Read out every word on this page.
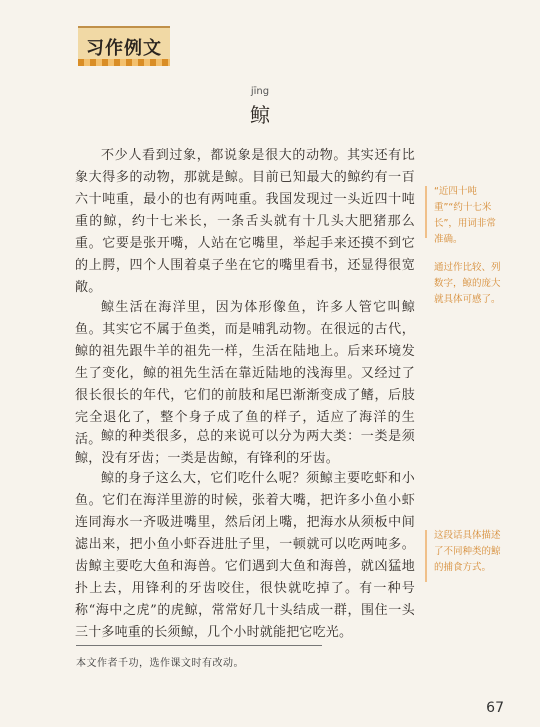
习作例文
jīng
鲸
不少人看到过象，都说象是很大的动物。其实还有比象大得多的动物，那就是鲸。目前已知最大的鲸约有一百六十吨重，最小的也有两吨重。我国发现过一头近四十吨重的鲸，约十七米长，一条舌头就有十几头大肥猪那么重。它要是张开嘴，人站在它嘴里，举起手来还摸不到它的上腭，四个人围着桌子坐在它的嘴里看书，还显得很宽敞。
鲸生活在海洋里，因为体形像鱼，许多人管它叫鲸鱼。其实它不属于鱼类，而是哺乳动物。在很远的古代，鲸的祖先跟牛羊的祖先一样，生活在陆地上。后来环境发生了变化，鲸的祖先生活在靠近陆地的浅海里。又经过了很长很长的年代，它们的前肢和尾巴渐渐变成了鳍，后肢完全退化了，整个身子成了鱼的样子，适应了海洋的生活。 鲸的种类很多，总的来说可以分为两大类：一类是须鲸，没有牙齿；一类是齿鲸，有锋利的牙齿。
鲸的身子这么大，它们吃什么呢？须鲸主要吃虾和小鱼。它们在海洋里游的时候，张着大嘴，把许多小鱼小虾连同海水一齐吸进嘴里，然后闭上嘴，把海水从须板中间滤出来，把小鱼小虾吞进肚子里，一顿就可以吃两吨多。齿鲸主要吃大鱼和海兽。它们遇到大鱼和海兽，就凶猛地扑上去，用锋利的牙齿咬住，很快就吃掉了。有一种号称“海中之虎”的虎鲸，常常好几十头结成一群，围住一头三十多吨重的长须鲸，几个小时就能把它吃光。
本文作者千功，选作课文时有改动。
“近四十吨重”“约十七米长”，用词非常准确。
通过作比较、列数字，鲸的庞大就具体可感了。
这段话具体描述了不同种类的鲸的捕食方式。
67
